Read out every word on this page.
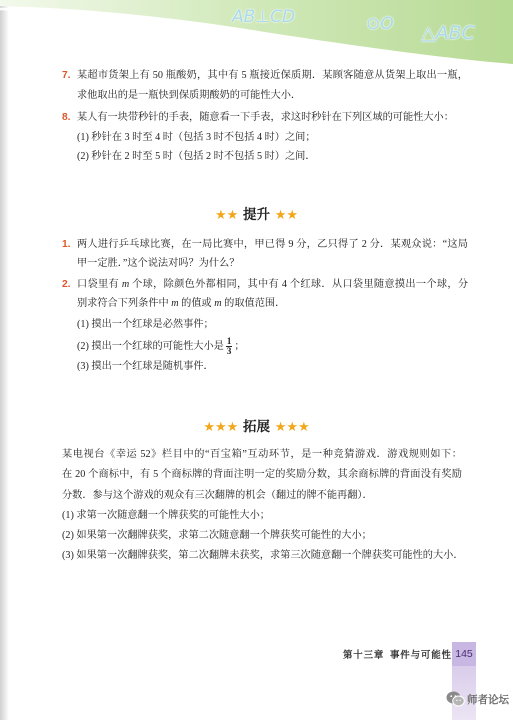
AB⊥CD	⊙O △ABC
7. 某超市货架上有 50 瓶酸奶，其中有 5 瓶接近保质期．某顾客随意从货架上取出一瓶，
求他取出的是一瓶快到保质期酸奶的可能性大小．
8. 某人有一块带秒针的手表，随意看一下手表，求这时秒针在下列区域的可能性大小：
(1) 秒针在 3 时至 4 时（包括 3 时不包括 4 时）之间；
(2) 秒针在 2 时至 5 时（包括 2 时不包括 5 时）之间．
★ ★ 提升 ★ ★
1. 两人进行乒乓球比赛，在一局比赛中，甲已得 9 分，乙只得了 2 分．某观众说：“这局
甲一定胜．”这个说法对吗？为什么？
2. 口袋里有 m 个球，除颜色外都相同，其中有 4 个红球．从口袋里随意摸出一个球，分
别求符合下列条件中 m 的值或 m 的取值范围．
(1) 摸出一个红球是必然事件；
(2) 摸出一个红球的可能性大小是 $\frac{1}{3}$ ；
(3) 摸出一个红球是随机事件．
★ ★ ★ 拓展 ★ ★ ★
某电视台《幸运 52》栏目中的“百宝箱”互动环节，是一种竞猜游戏．游戏规则如下：
在 20 个商标中，有 5 个商标牌的背面注明一定的奖励分数，其余商标牌的背面没有奖励
分数．参与这个游戏的观众有三次翻牌的机会（翻过的牌不能再翻）．
(1) 求第一次随意翻一个牌获奖的可能性大小；
(2) 如果第一次翻牌获奖，求第二次随意翻一个牌获奖可能性的大小；
(3) 如果第一次翻牌获奖，第二次翻牌未获奖，求第三次随意翻一个牌获奖可能性的大小．
第十三章 事件与可能性 145
师者论坛
